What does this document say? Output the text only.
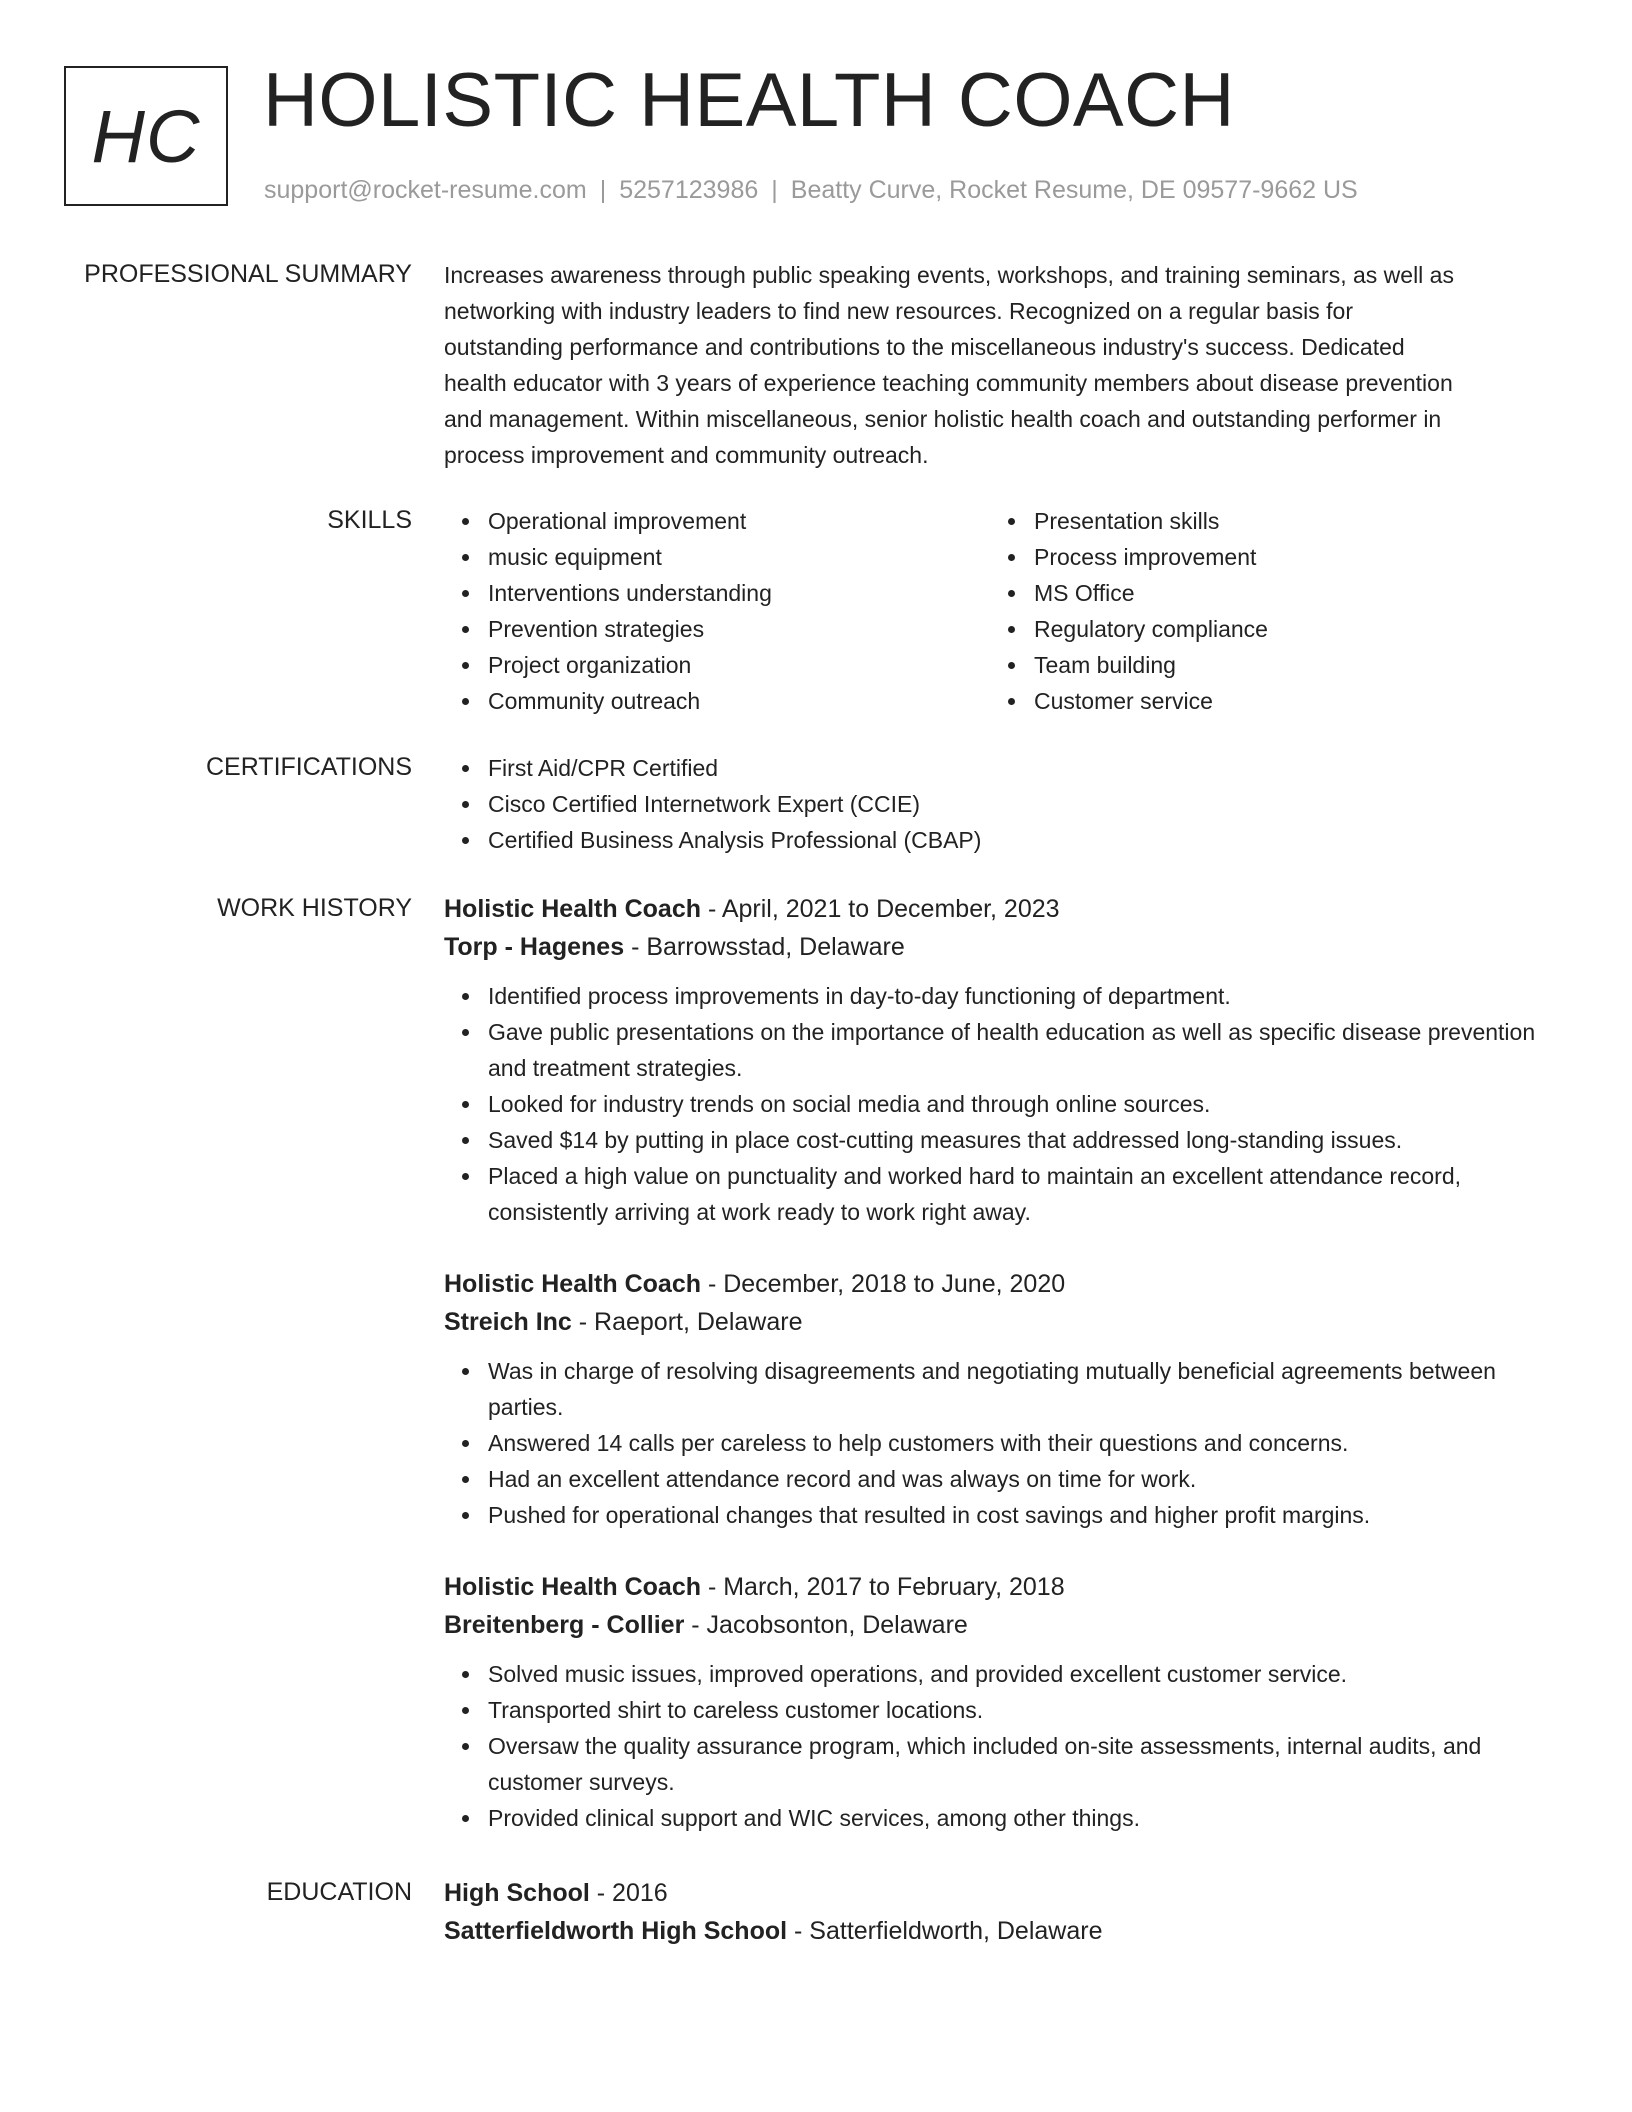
HC HOLISTIC HEALTH COACH
support@rocket-resume.com | 5257123986 | Beatty Curve, Rocket Resume, DE 09577-9662 US
PROFESSIONAL SUMMARY Increases awareness through public speaking events, workshops, and training seminars, as well as

networking with industry leaders to find new resources. Recognized on a regular basis for

outstanding performance and contributions to the miscellaneous industry's success. Dedicated

health educator with 3 years of experience teaching community members about disease prevention

and management. Within miscellaneous, senior holistic health coach and outstanding performer in

process improvement and community outreach.

SKILLS	Operational improvement
music equipment
Interventions understanding
Prevention strategies
Project organization
Community outreach
Presentation skills
Process improvement
MS Office
Regulatory compliance
Team building
Customer service
CERTIFICATIONS	First Aid/CPR Certified
Cisco Certified Internetwork Expert (CCIE)
Certified Business Analysis Professional (CBAP)
WORK HISTORY Holistic Health Coach - April, 2021 to December, 2023
Torp - Hagenes - Barrowsstad, Delaware
Identified process improvements in day-to-day functioning of department.
Gave public presentations on the importance of health education as well as specific disease prevention and treatment strategies.
Looked for industry trends on social media and through online sources.
Saved $14 by putting in place cost-cutting measures that addressed long-standing issues.
Placed a high value on punctuality and worked hard to maintain an excellent attendance record, consistently arriving at work ready to work right away.
Holistic Health Coach - December, 2018 to June, 2020
Streich Inc - Raeport, Delaware
Was in charge of resolving disagreements and negotiating mutually beneficial agreements between parties.
Answered 14 calls per careless to help customers with their questions and concerns.
Had an excellent attendance record and was always on time for work.
Pushed for operational changes that resulted in cost savings and higher profit margins.
Holistic Health Coach - March, 2017 to February, 2018
Breitenberg - Collier - Jacobsonton, Delaware
Solved music issues, improved operations, and provided excellent customer service.
Transported shirt to careless customer locations.
Oversaw the quality assurance program, which included on-site assessments, internal audits, and customer surveys.
Provided clinical support and WIC services, among other things.
EDUCATION High School - 2016
Satterfieldworth High School - Satterfieldworth, Delaware
